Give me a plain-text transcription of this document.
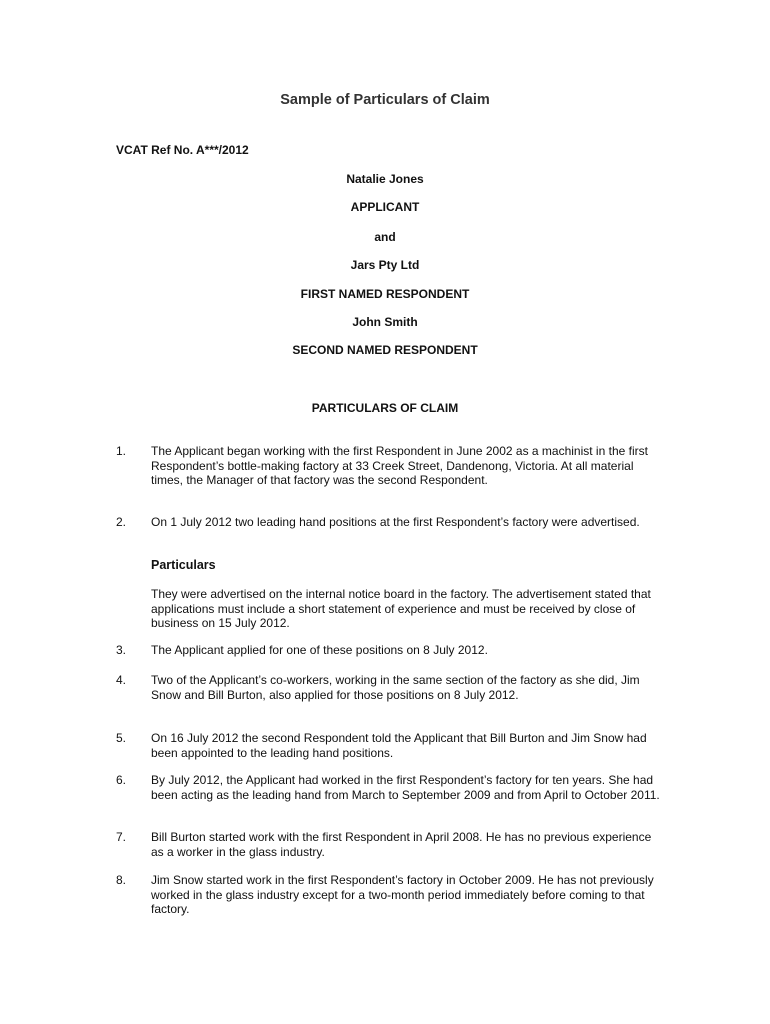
Sample of Particulars of Claim
VCAT Ref No. A***/2012
Natalie Jones
APPLICANT
and
Jars Pty Ltd
FIRST NAMED RESPONDENT
John Smith
SECOND NAMED RESPONDENT
PARTICULARS OF CLAIM
1. The Applicant began working with the first Respondent in June 2002 as a machinist in the first Respondent’s bottle-making factory at 33 Creek Street, Dandenong, Victoria. At all material times, the Manager of that factory was the second Respondent.
2. On 1 July 2012 two leading hand positions at the first Respondent’s factory were advertised.
Particulars
They were advertised on the internal notice board in the factory. The advertisement stated that applications must include a short statement of experience and must be received by close of business on 15 July 2012.
3. The Applicant applied for one of these positions on 8 July 2012.
4. Two of the Applicant’s co-workers, working in the same section of the factory as she did, Jim Snow and Bill Burton, also applied for those positions on 8 July 2012.
5. On 16 July 2012 the second Respondent told the Applicant that Bill Burton and Jim Snow had been appointed to the leading hand positions.
6. By July 2012, the Applicant had worked in the first Respondent’s factory for ten years. She had been acting as the leading hand from March to September 2009 and from April to October 2011.
7. Bill Burton started work with the first Respondent in April 2008. He has no previous experience as a worker in the glass industry.
8. Jim Snow started work in the first Respondent’s factory in October 2009. He has not previously worked in the glass industry except for a two-month period immediately before coming to that factory.
